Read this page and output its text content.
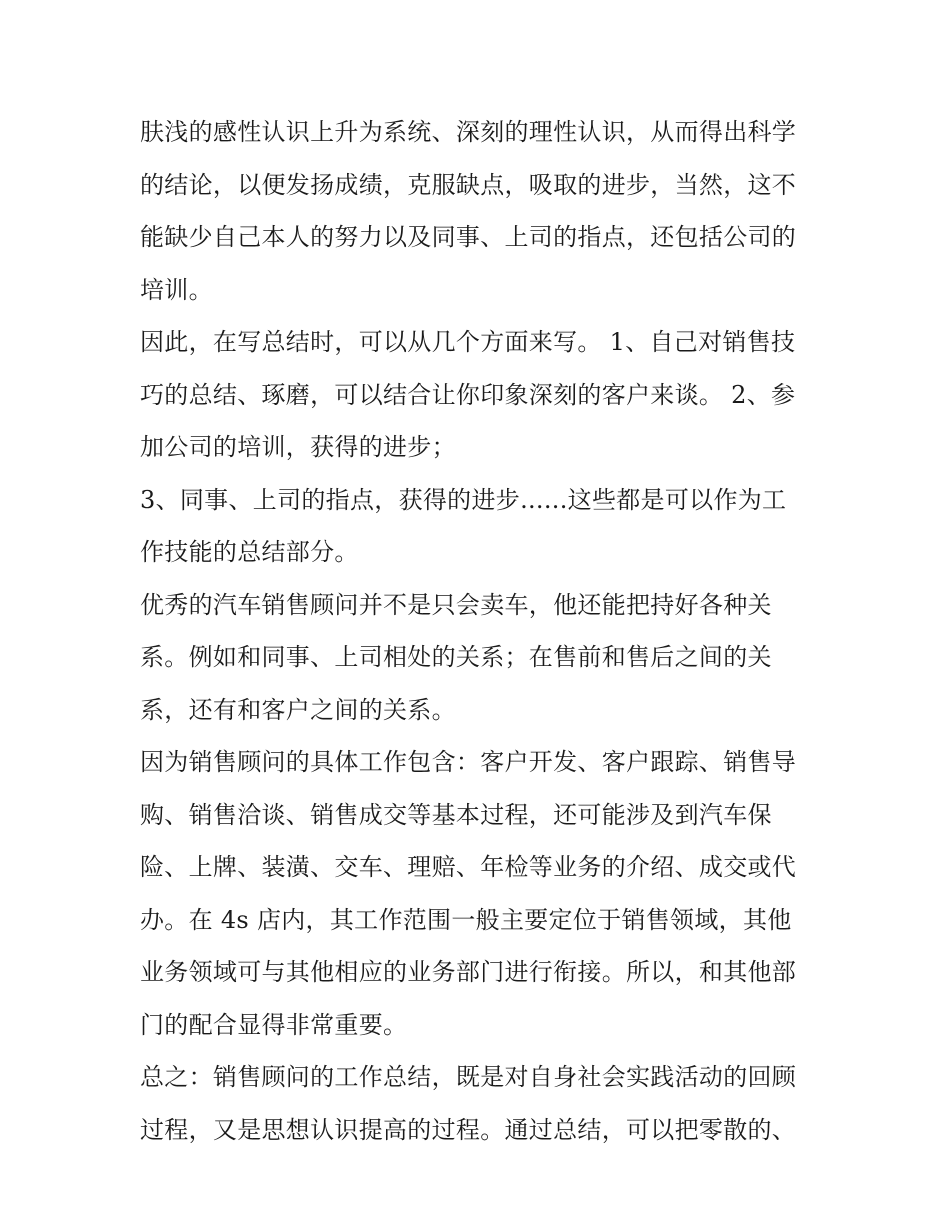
肤浅的感性认识上升为系统、深刻的理性认识，从而得出科学
的结论，以便发扬成绩，克服缺点，吸取的进步，当然，这不
能缺少自己本人的努力以及同事、上司的指点，还包括公司的
培训。
因此，在写总结时，可以从几个方面来写。 1、自己对销售技
巧的总结、琢磨，可以结合让你印象深刻的客户来谈。 2、参
加公司的培训，获得的进步；
3、同事、上司的指点，获得的进步......这些都是可以作为工
作技能的总结部分。
优秀的汽车销售顾问并不是只会卖车，他还能把持好各种关
系。例如和同事、上司相处的关系；在售前和售后之间的关
系，还有和客户之间的关系。
因为销售顾问的具体工作包含：客户开发、客户跟踪、销售导
购、销售洽谈、销售成交等基本过程，还可能涉及到汽车保
险、上牌、装潢、交车、理赔、年检等业务的介绍、成交或代
办。在 4s 店内，其工作范围一般主要定位于销售领域，其他
业务领域可与其他相应的业务部门进行衔接。所以，和其他部
门的配合显得非常重要。
总之：销售顾问的工作总结，既是对自身社会实践活动的回顾
过程，又是思想认识提高的过程。通过总结，可以把零散的、
